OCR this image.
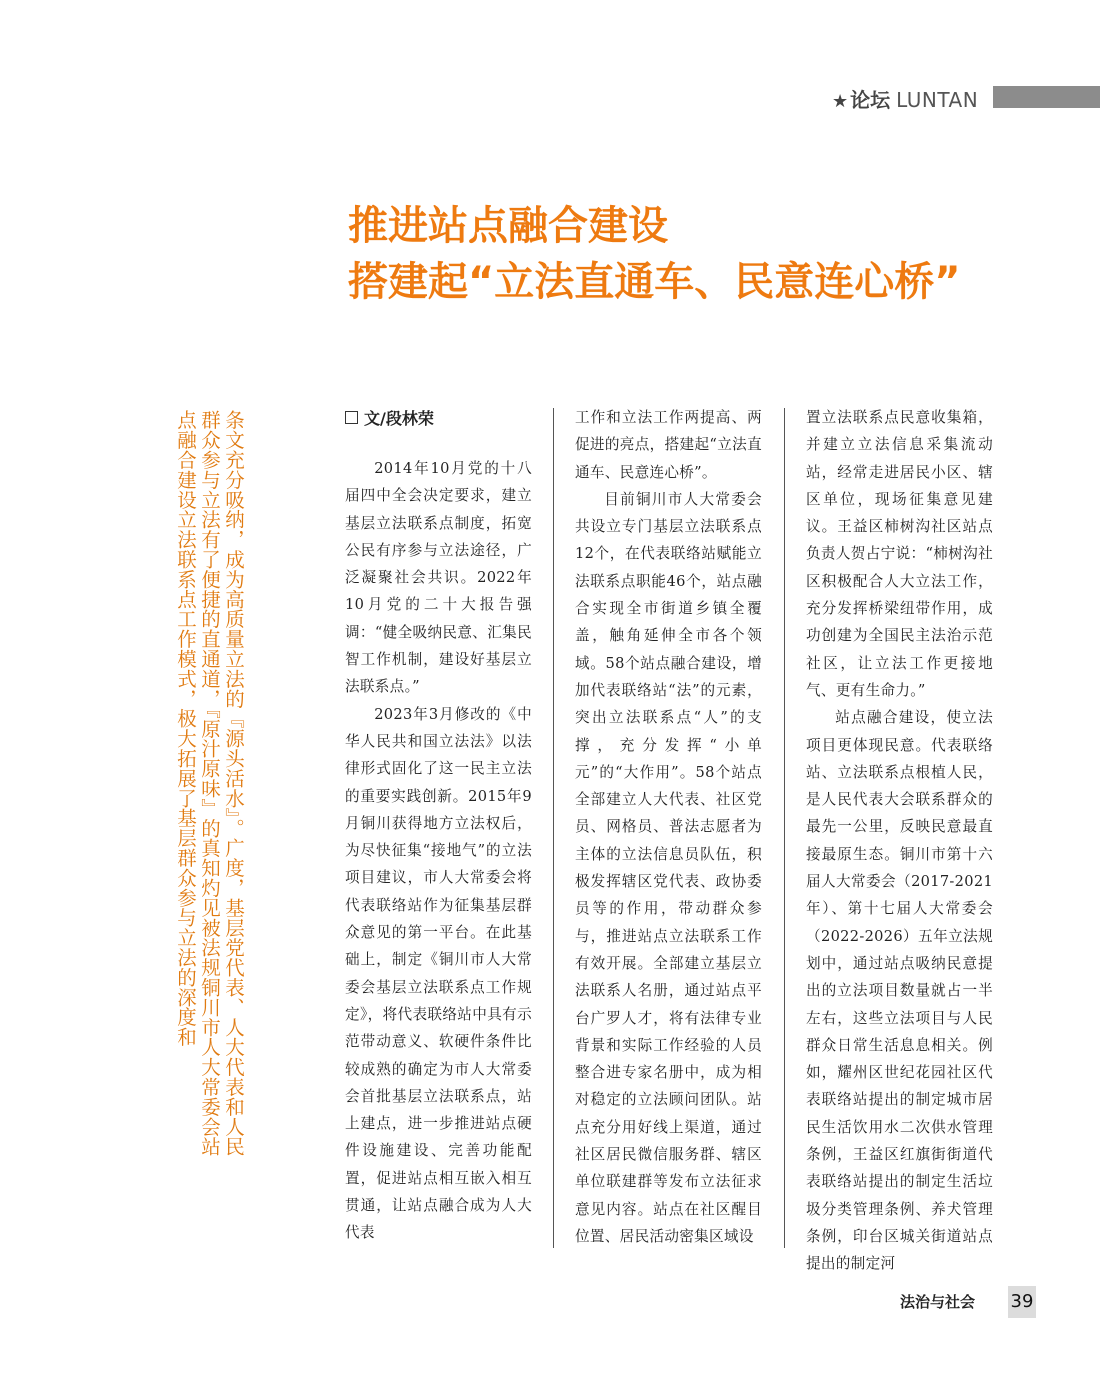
★ 论坛 LUNTAN
推进站点融合建设
搭建起“立法直通车、民意连心桥”
条文充分吸纳，成为高质量立法的『源头活水』。广度，基层党代表、人大代表和人民群众参与立法有了便捷的直通道，『原汁原味』的真知灼见被法规铜川市人大常委会站点融合建设立法联系点工作模式，极大拓展了基层群众参与立法的深度和	文/段林荣

2014年10月党的十八届四中全会决定要求，建立基层立法联系点制度，拓宽公民有序参与立法途径，广泛凝聚社会共识。2022年10月党的二十大报告强调：“健全吸纳民意、汇集民智工作机制，建设好基层立法联系点。”

2023年3月修改的《中华人民共和国立法法》以法律形式固化了这一民主立法的重要实践创新。2015年9月铜川获得地方立法权后，为尽快征集“接地气”的立法项目建议，市人大常委会将代表联络站作为征集基层群众意见的第一平台。在此基础上，制定《铜川市人大常委会基层立法联系点工作规定》，将代表联络站中具有示范带动意义、软硬件条件比较成熟的确定为市人大常委会首批基层立法联系点，站上建点，进一步推进站点硬件设施建设、完善功能配置，促进站点相互嵌入相互贯通，让站点融合成为人大代表

工作和立法工作两提高、两促进的亮点，搭建起“立法直通车、民意连心桥”。

目前铜川市人大常委会共设立专门基层立法联系点12个，在代表联络站赋能立法联系点职能46个，站点融合实现全市街道乡镇全覆盖，触角延伸全市各个领域。58个站点融合建设，增加代表联络站“法”的元素，突出立法联系点“人”的支撑，充分发挥“小单元”的“大作用”。58个站点全部建立人大代表、社区党员、网格员、普法志愿者为主体的立法信息员队伍，积极发挥辖区党代表、政协委员等的作用，带动群众参与，推进站点立法联系工作有效开展。全部建立基层立法联系人名册，通过站点平台广罗人才，将有法律专业背景和实际工作经验的人员整合进专家名册中，成为相对稳定的立法顾问团队。站点充分用好线上渠道，通过社区居民微信服务群、辖区单位联建群等发布立法征求意见内容。站点在社区醒目位置、居民活动密集区域设

置立法联系点民意收集箱，并建立立法信息采集流动站，经常走进居民小区、辖区单位，现场征集意见建议。王益区柿树沟社区站点负责人贺占宁说：“柿树沟社区积极配合人大立法工作，充分发挥桥梁纽带作用，成功创建为全国民主法治示范社区，让立法工作更接地气、更有生命力。”

站点融合建设，使立法项目更体现民意。代表联络站、立法联系点根植人民，是人民代表大会联系群众的最先一公里，反映民意最直接最原生态。铜川市第十六届人大常委会（2017-2021年）、第十七届人大常委会（2022-2026）五年立法规划中，通过站点吸纳民意提出的立法项目数量就占一半左右，这些立法项目与人民群众日常生活息息相关。例如，耀州区世纪花园社区代表联络站提出的制定城市居民生活饮用水二次供水管理条例，王益区红旗街街道代表联络站提出的制定生活垃圾分类管理条例、养犬管理条例，印台区城关街道站点提出的制定河

法治与社会 39
